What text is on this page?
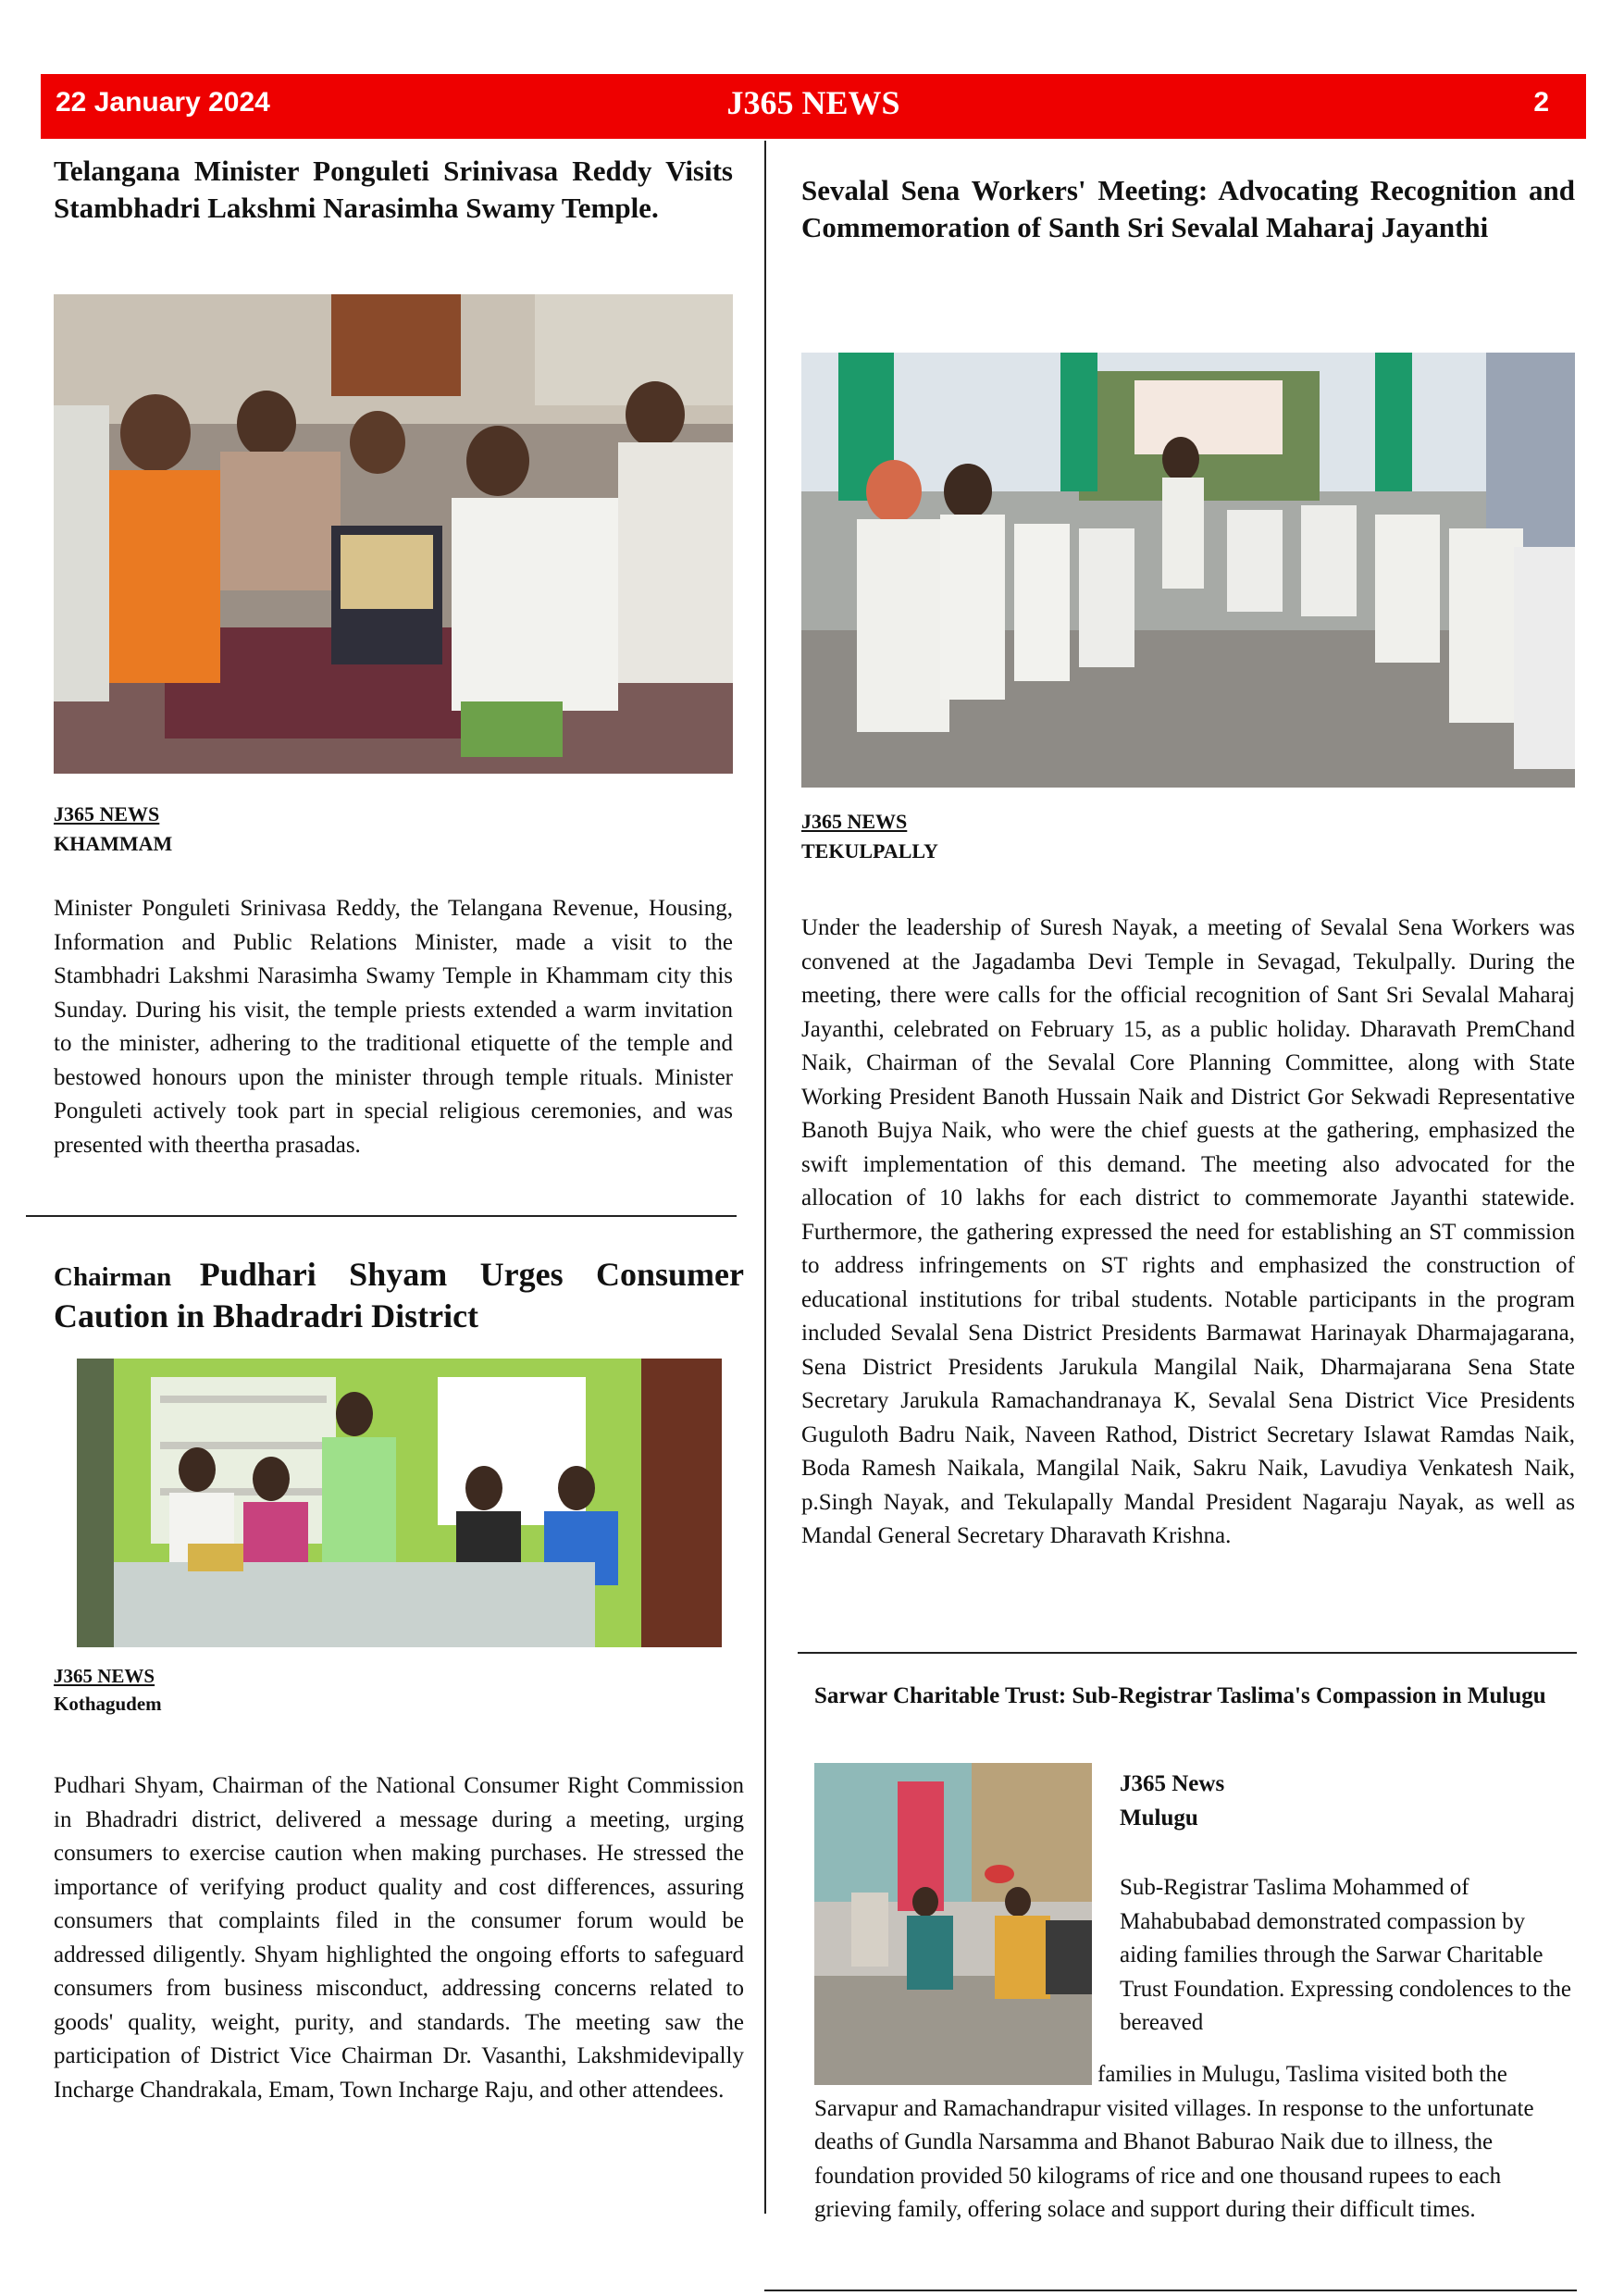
22 January 2024	J365 NEWS	2
Telangana Minister Ponguleti Srinivasa Reddy Visits Stambhadri Lakshmi Narasimha Swamy Temple.
J365 NEWS
KHAMMAM

Minister Ponguleti Srinivasa Reddy, the Telangana Revenue, Housing, Information and Public Relations Minister, made a visit to the Stambhadri Lakshmi Narasimha Swamy Temple in Khammam city this Sunday. During his visit, the temple priests extended a warm invitation to the minister, adhering to the traditional etiquette of the temple and bestowed honours upon the minister through temple rituals. Minister Ponguleti actively took part in special religious ceremonies, and was presented with theertha prasadas.

Chairman Pudhari Shyam Urges Consumer Caution in Bhadradri District
J365 NEWS
Kothagudem

Pudhari Shyam, Chairman of the National Consumer Right Commission in Bhadradri district, delivered a message during a meeting, urging consumers to exercise caution when making purchases. He stressed the importance of verifying product quality and cost differences, assuring consumers that complaints filed in the consumer forum would be addressed diligently. Shyam highlighted the ongoing efforts to safeguard consumers from business misconduct, addressing concerns related to goods' quality, weight, purity, and standards. The meeting saw the participation of District Vice Chairman Dr. Vasanthi, Lakshmidevipally Incharge Chandrakala, Emam, Town Incharge Raju, and other attendees.

Sevalal Sena Workers' Meeting: Advocating Recognition and Commemoration of Santh Sri Sevalal Maharaj Jayanthi
J365 NEWS
TEKULPALLY

Under the leadership of Suresh Nayak, a meeting of Sevalal Sena Workers was convened at the Jagadamba Devi Temple in Sevagad, Tekulpally. During the meeting, there were calls for the official recognition of Sant Sri Sevalal Maharaj Jayanthi, celebrated on February 15, as a public holiday. Dharavath PremChand Naik, Chairman of the Sevalal Core Planning Committee, along with State Working President Banoth Hussain Naik and District Gor Sekwadi Representative Banoth Bujya Naik, who were the chief guests at the gathering, emphasized the swift implementation of this demand. The meeting also advocated for the allocation of 10 lakhs for each district to commemorate Jayanthi statewide. Furthermore, the gathering expressed the need for establishing an ST commission to address infringements on ST rights and emphasized the construction of educational institutions for tribal students. Notable participants in the program included Sevalal Sena District Presidents Barmawat Harinayak Dharmajagarana, Sena District Presidents Jarukula Mangilal Naik, Dharmajarana Sena State Secretary Jarukula Ramachandranaya K, Sevalal Sena District Vice Presidents Guguloth Badru Naik, Naveen Rathod, District Secretary Islawat Ramdas Naik, Boda Ramesh Naikala, Mangilal Naik, Sakru Naik, Lavudiya Venkatesh Naik, p.Singh Nayak, and Tekulapally Mandal President Nagaraju Nayak, as well as Mandal General Secretary Dharavath Krishna.

Sarwar Charitable Trust: Sub-Registrar Taslima's Compassion in Mulugu
J365 News
Mulugu

Sub-Registrar Taslima Mohammed of Mahabubabad demonstrated compassion by aiding families through the Sarwar Charitable Trust Foundation. Expressing condolences to the bereaved

families in Mulugu, Taslima visited both the Sarvapur and Ramachandrapur visited villages. In response to the unfortunate deaths of Gundla Narsamma and Bhanot Baburao Naik due to illness, the foundation provided 50 kilograms of rice and one thousand rupees to each grieving family, offering solace and support during their difficult times.
